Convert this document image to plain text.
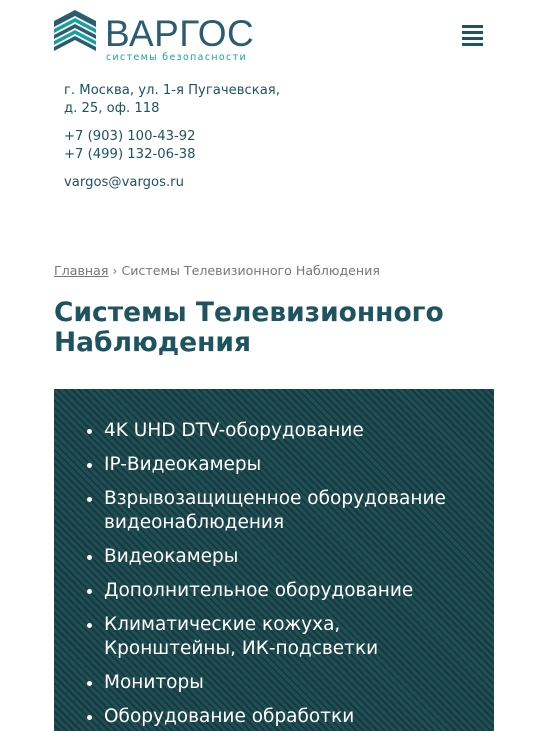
ВАРГОС
системы безопасности
г. Москва, ул. 1-я Пугачевская,
д. 25, оф. 118
+7 (903) 100-43-92
+7 (499) 132-06-38
vargos@vargos.ru
Главная › Системы Телевизионного Наблюдения
Системы Телевизионного Наблюдения
• 4K UHD DTV-оборудование
• IP-Видеокамеры
• Взрывозащищенное оборудование видеонаблюдения
• Видеокамеры
• Дополнительное оборудование
• Климатические кожуха, Кронштейны, ИК-подсветки
• Мониторы
• Оборудование обработки
